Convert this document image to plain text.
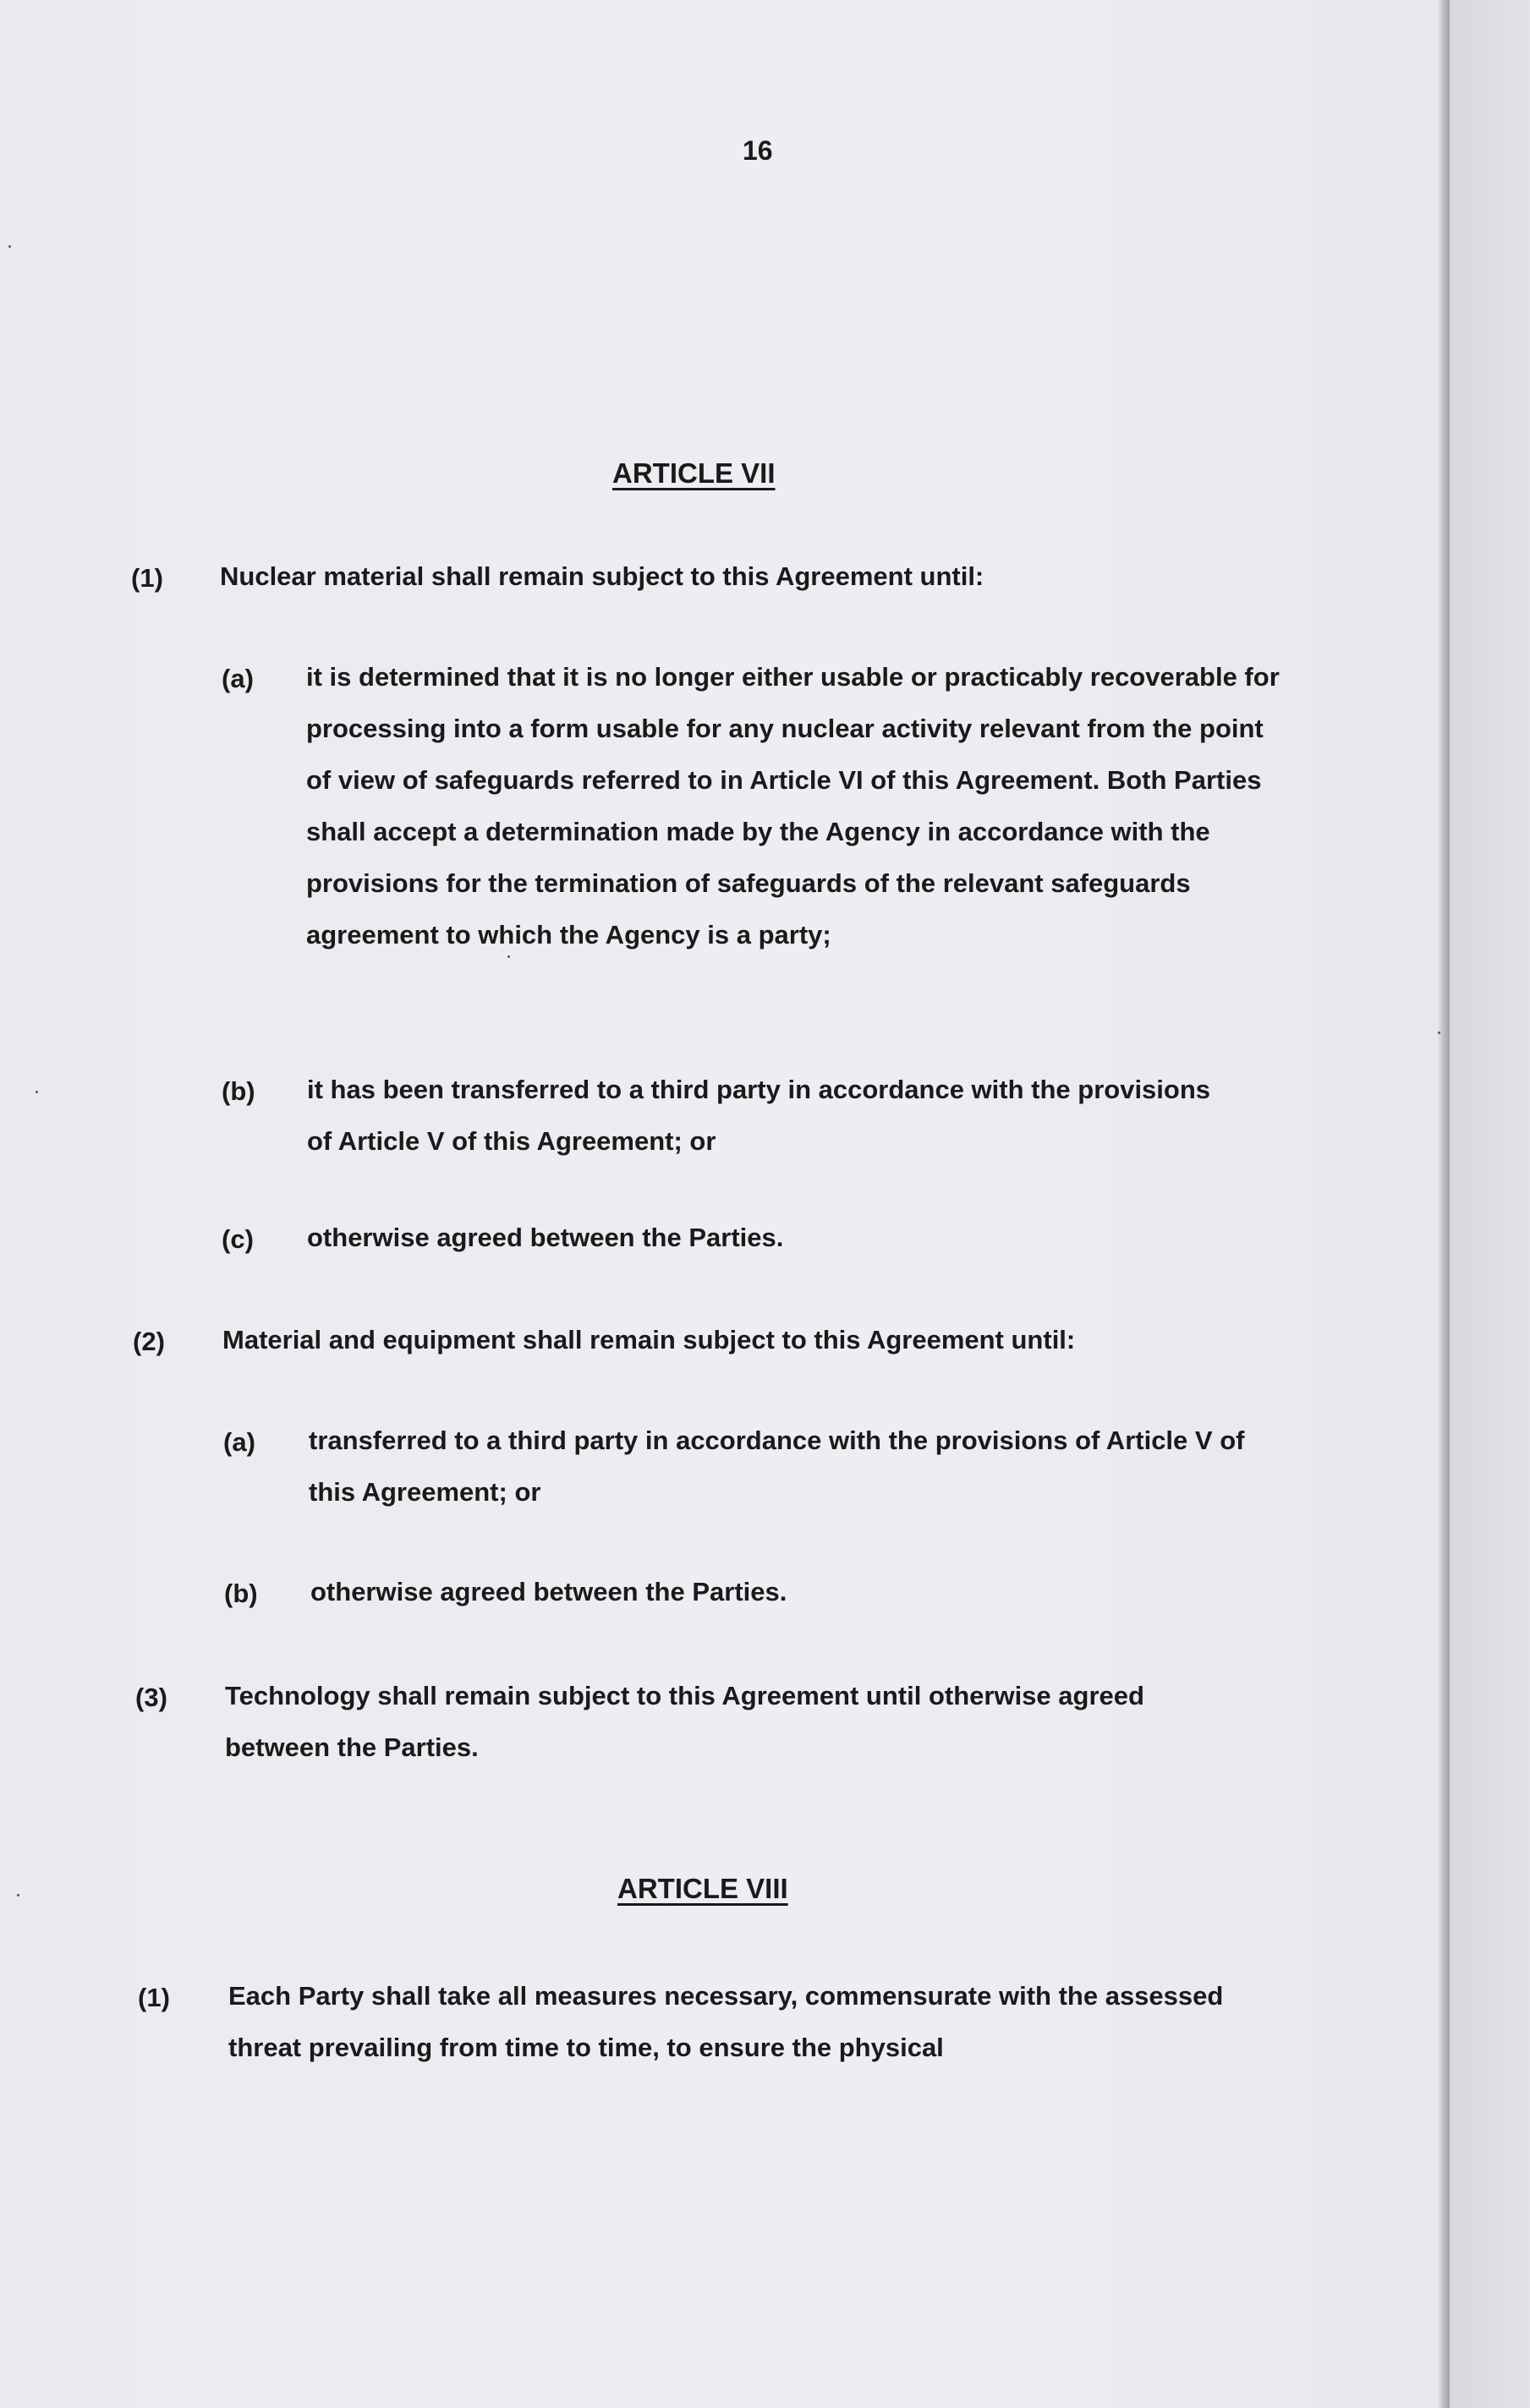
16
ARTICLE VII
(1) Nuclear material shall remain subject to this Agreement until:

(a) it is determined that it is no longer either usable or practicably recoverable for processing into a form usable for any nuclear activity relevant from the point of view of safeguards referred to in Article VI of this Agreement. Both Parties shall accept a determination made by the Agency in accordance with the provisions for the termination of safeguards of the relevant safeguards agreement to which the Agency is a party;

(b) it has been transferred to a third party in accordance with the provisions of Article V of this Agreement; or

(c) otherwise agreed between the Parties.

(2) Material and equipment shall remain subject to this Agreement until:

(a) transferred to a third party in accordance with the provisions of Article V of this Agreement; or

(b) otherwise agreed between the Parties.

(3) Technology shall remain subject to this Agreement until otherwise agreed between the Parties.

ARTICLE VIII
(1) Each Party shall take all measures necessary, commensurate with the assessed threat prevailing from time to time, to ensure the physical
